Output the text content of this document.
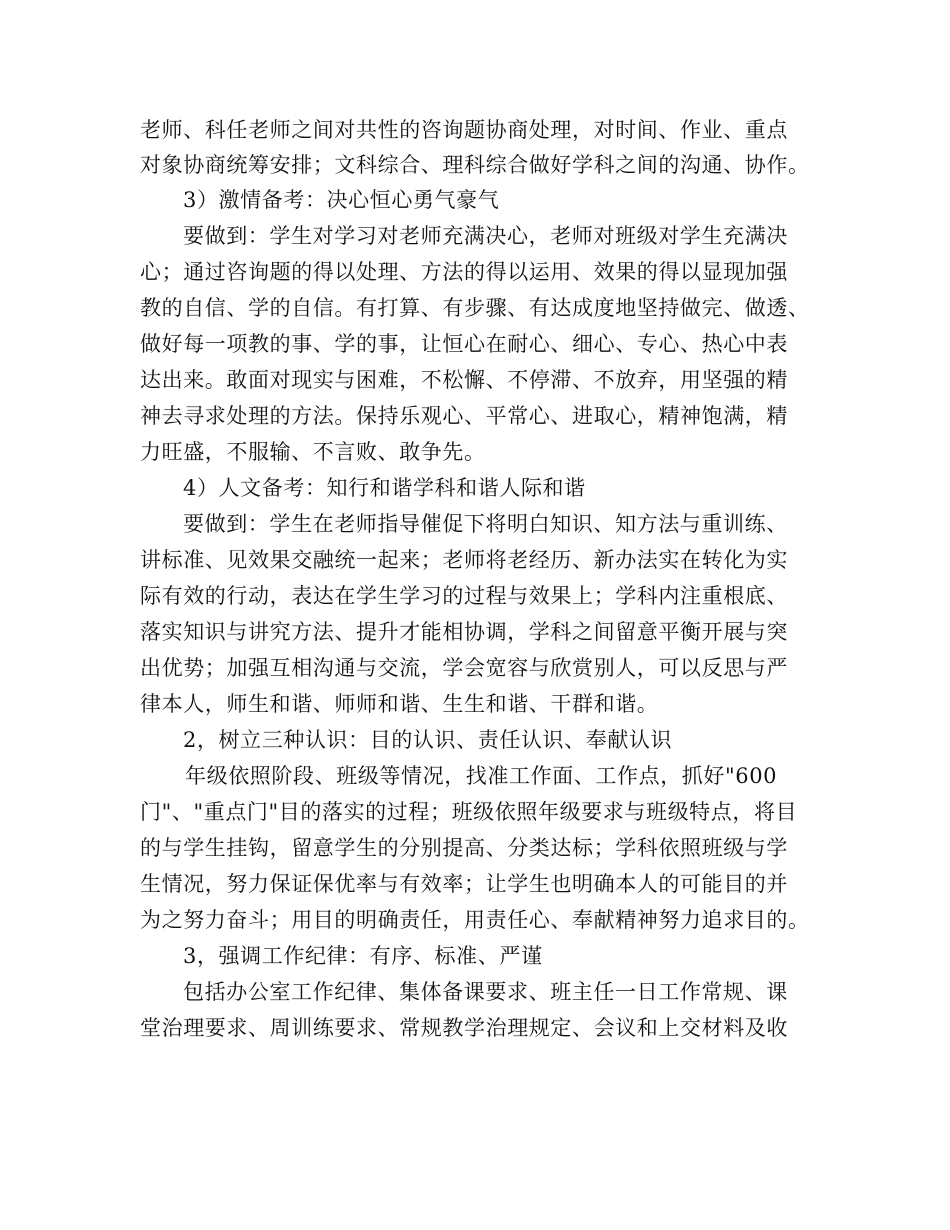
老师、科任老师之间对共性的咨询题协商处理，对时间、作业、重点
对象协商统筹安排；文科综合、理科综合做好学科之间的沟通、协作。
3）激情备考：决心恒心勇气豪气
要做到：学生对学习对老师充满决心，老师对班级对学生充满决
心；通过咨询题的得以处理、方法的得以运用、效果的得以显现加强
教的自信、学的自信。有打算、有步骤、有达成度地坚持做完、做透、
做好每一项教的事、学的事，让恒心在耐心、细心、专心、热心中表
达出来。敢面对现实与困难，不松懈、不停滞、不放弃，用坚强的精
神去寻求处理的方法。保持乐观心、平常心、进取心，精神饱满，精
力旺盛，不服输、不言败、敢争先。
4）人文备考：知行和谐学科和谐人际和谐
要做到：学生在老师指导催促下将明白知识、知方法与重训练、
讲标准、见效果交融统一起来；老师将老经历、新办法实在转化为实
际有效的行动，表达在学生学习的过程与效果上；学科内注重根底、
落实知识与讲究方法、提升才能相协调，学科之间留意平衡开展与突
出优势；加强互相沟通与交流，学会宽容与欣赏别人，可以反思与严
律本人，师生和谐、师师和谐、生生和谐、干群和谐。
2，树立三种认识：目的认识、责任认识、奉献认识
年级依照阶段、班级等情况，找准工作面、工作点，抓好"600
门"、"重点门"目的落实的过程；班级依照年级要求与班级特点，将目
的与学生挂钩，留意学生的分别提高、分类达标；学科依照班级与学
生情况，努力保证保优率与有效率；让学生也明确本人的可能目的并
为之努力奋斗；用目的明确责任，用责任心、奉献精神努力追求目的。
3，强调工作纪律：有序、标准、严谨
包括办公室工作纪律、集体备课要求、班主任一日工作常规、课
堂治理要求、周训练要求、常规教学治理规定、会议和上交材料及收
